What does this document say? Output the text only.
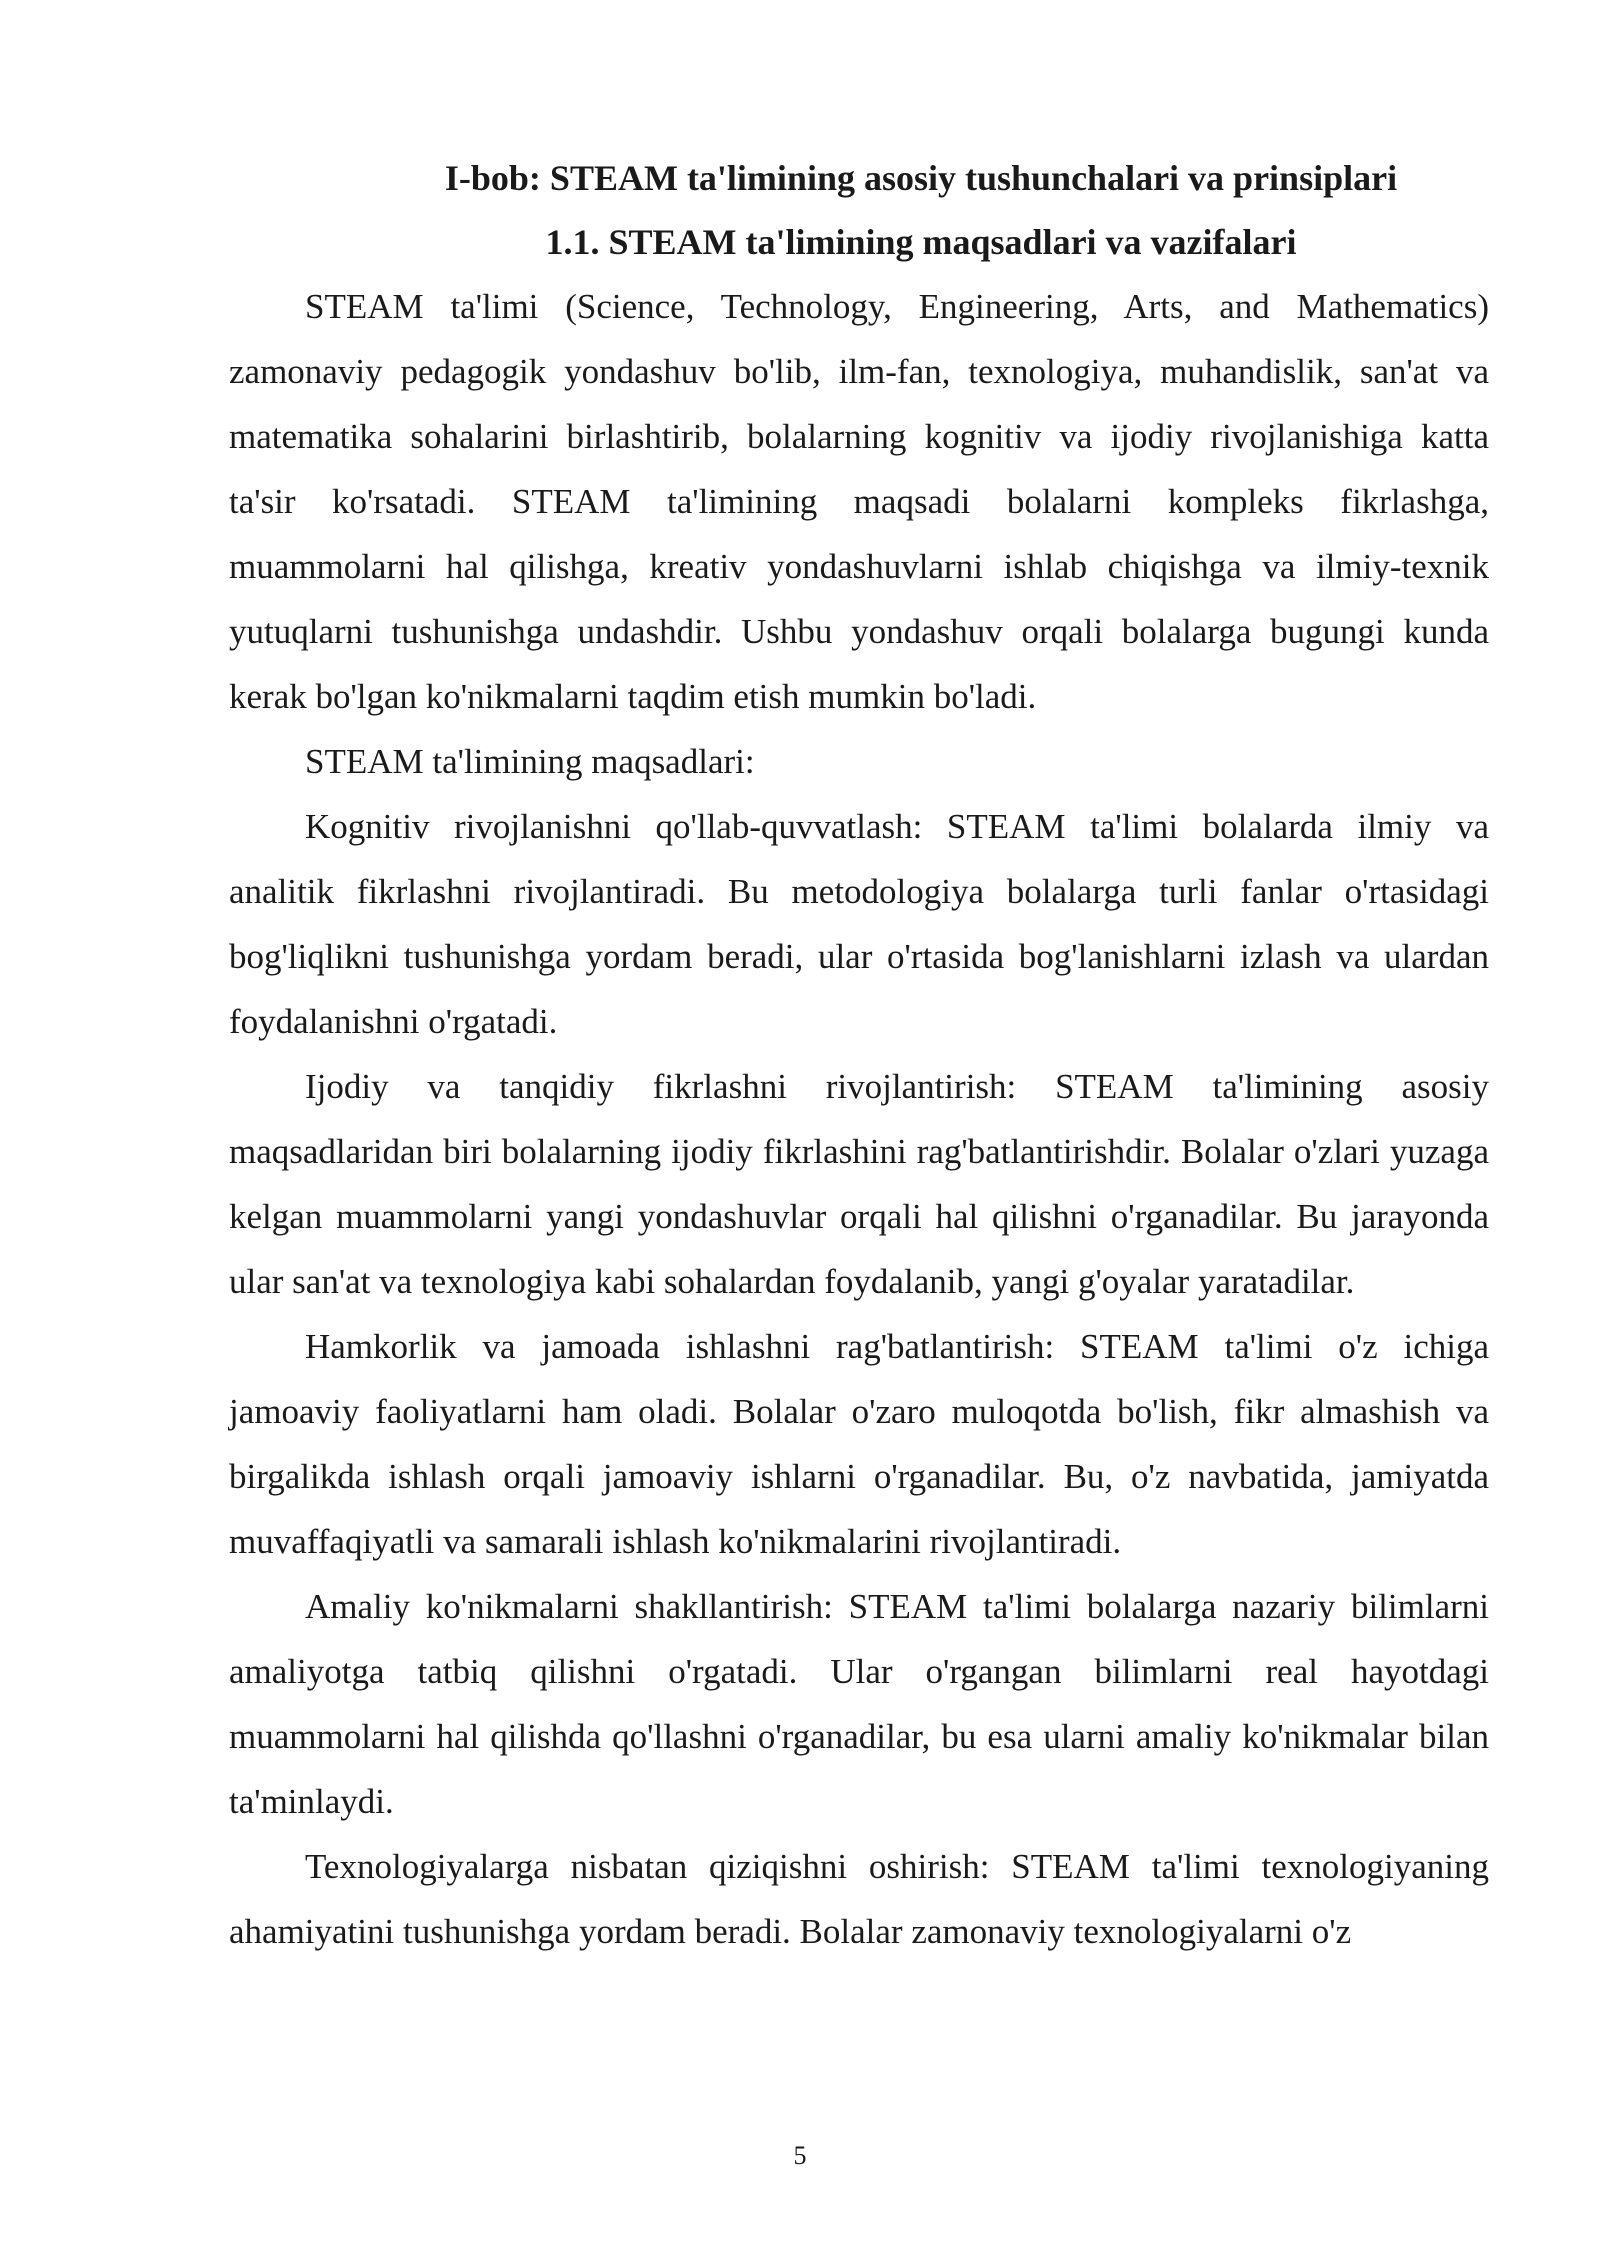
I-bob: STEAM ta'limining asosiy tushunchalari va prinsiplari
1.1. STEAM ta'limining maqsadlari va vazifalari

STEAM ta'limi (Science, Technology, Engineering, Arts, and Mathematics) zamonaviy pedagogik yondashuv bo'lib, ilm-fan, texnologiya, muhandislik, san'at va matematika sohalarini birlashtirib, bolalarning kognitiv va ijodiy rivojlanishiga katta ta'sir ko'rsatadi. STEAM ta'limining maqsadi bolalarni kompleks fikrlashga, muammolarni hal qilishga, kreativ yondashuvlarni ishlab chiqishga va ilmiy-texnik yutuqlarni tushunishga undashdir. Ushbu yondashuv orqali bolalarga bugungi kunda kerak bo'lgan ko'nikmalarni taqdim etish mumkin bo'ladi.

STEAM ta'limining maqsadlari:

Kognitiv rivojlanishni qo'llab-quvvatlash: STEAM ta'limi bolalarda ilmiy va analitik fikrlashni rivojlantiradi. Bu metodologiya bolalarga turli fanlar o'rtasidagi bog'liqlikni tushunishga yordam beradi, ular o'rtasida bog'lanishlarni izlash va ulardan foydalanishni o'rgatadi.

Ijodiy va tanqidiy fikrlashni rivojlantirish: STEAM ta'limining asosiy maqsadlaridan biri bolalarning ijodiy fikrlashini rag'batlantirishdir. Bolalar o'zlari yuzaga kelgan muammolarni yangi yondashuvlar orqali hal qilishni o'rganadilar. Bu jarayonda ular san'at va texnologiya kabi sohalardan foydalanib, yangi g'oyalar yaratadilar.

Hamkorlik va jamoada ishlashni rag'batlantirish: STEAM ta'limi o'z ichiga jamoaviy faoliyatlarni ham oladi. Bolalar o'zaro muloqotda bo'lish, fikr almashish va birgalikda ishlash orqali jamoaviy ishlarni o'rganadilar. Bu, o'z navbatida, jamiyatda muvaffaqiyatli va samarali ishlash ko'nikmalarini rivojlantiradi.

Amaliy ko'nikmalarni shakllantirish: STEAM ta'limi bolalarga nazariy bilimlarni amaliyotga tatbiq qilishni o'rgatadi. Ular o'rgangan bilimlarni real hayotdagi muammolarni hal qilishda qo'llashni o'rganadilar, bu esa ularni amaliy ko'nikmalar bilan ta'minlaydi.

Texnologiyalarga nisbatan qiziqishni oshirish: STEAM ta'limi texnologiyaning ahamiyatini tushunishga yordam beradi. Bolalar zamonaviy texnologiyalarni o'z

5
